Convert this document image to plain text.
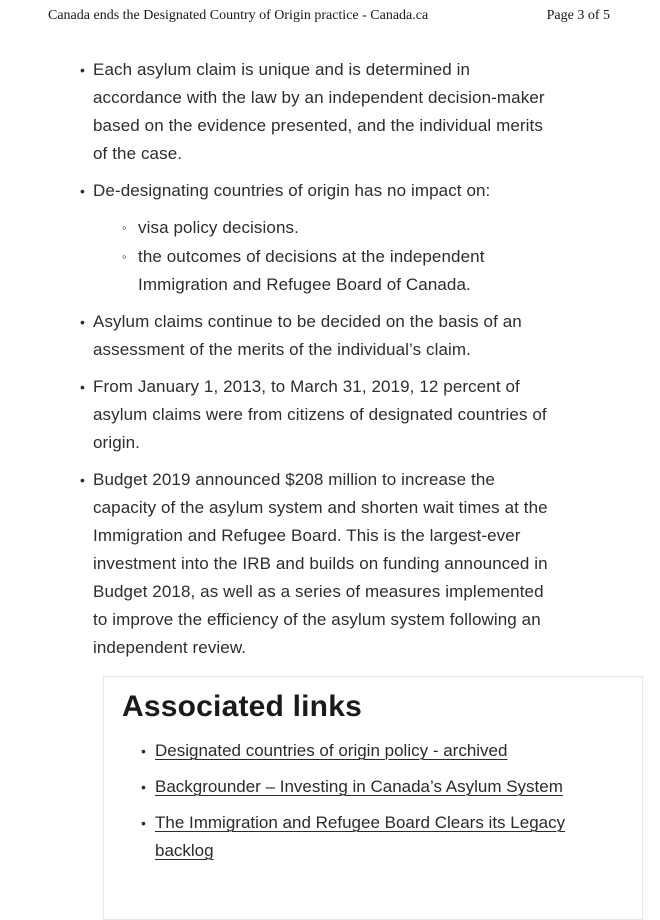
Canada ends the Designated Country of Origin practice - Canada.ca	Page 3 of 5
• Each asylum claim is unique and is determined in accordance with the law by an independent decision-maker based on the evidence presented, and the individual merits of the case.
• De-designating countries of origin has no impact on:
◦ visa policy decisions.
◦ the outcomes of decisions at the independent Immigration and Refugee Board of Canada.
• Asylum claims continue to be decided on the basis of an assessment of the merits of the individual’s claim.
• From January 1, 2013, to March 31, 2019, 12 percent of asylum claims were from citizens of designated countries of origin.
• Budget 2019 announced $208 million to increase the capacity of the asylum system and shorten wait times at the Immigration and Refugee Board. This is the largest-ever investment into the IRB and builds on funding announced in Budget 2018, as well as a series of measures implemented to improve the efficiency of the asylum system following an independent review.
Associated links
• Designated countries of origin policy - archived
• Backgrounder – Investing in Canada’s Asylum System
• The Immigration and Refugee Board Clears its Legacy backlog
